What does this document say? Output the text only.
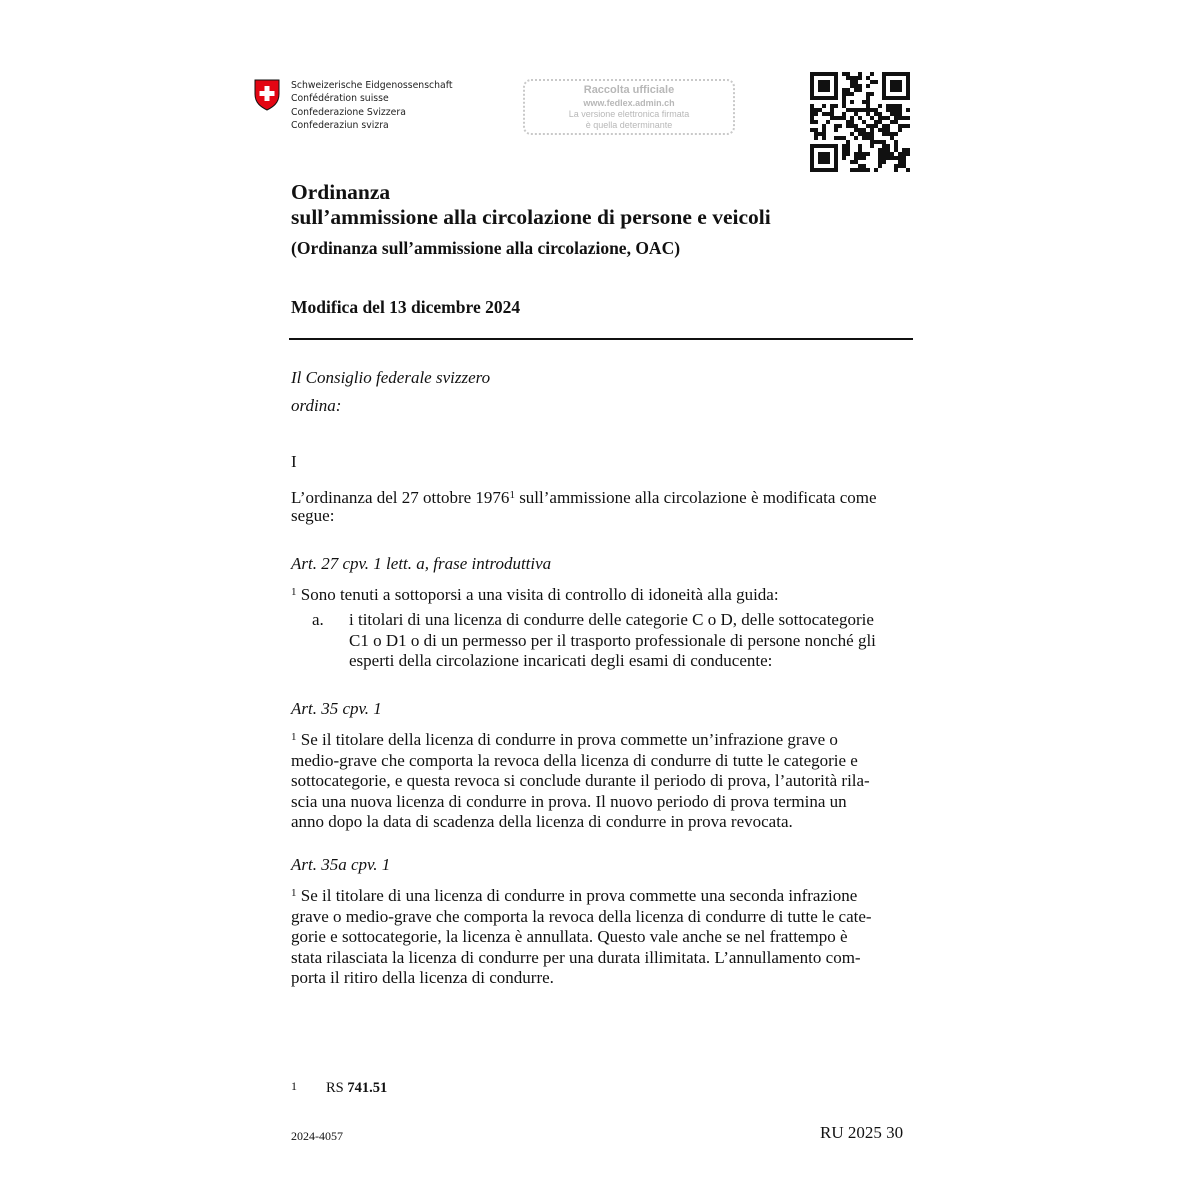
Schweizerische Eidgenossenschaft
Confédération suisse
Confederazione Svizzera
Confederaziun svizra
Raccolta ufficiale
www.fedlex.admin.ch
La versione elettronica firmata
è quella determinante
Ordinanza
sull’ammissione alla circolazione di persone e veicoli
(Ordinanza sull’ammissione alla circolazione, OAC)
Modifica del 13 dicembre 2024
Il Consiglio federale svizzero
ordina:
I
L’ordinanza del 27 ottobre 1976$^1$ sull’ammissione alla circolazione è modificata come
segue:
Art. 27 cpv. 1 lett. a, frase introduttiva
$^1$ Sono tenuti a sottoporsi a una visita di controllo di idoneità alla guida:
a. i titolari di una licenza di condurre delle categorie C o D, delle sottocategorie
C1 o D1 o di un permesso per il trasporto professionale di persone nonché gli
esperti della circolazione incaricati degli esami di conducente:
Art. 35 cpv. 1
$^1$ Se il titolare della licenza di condurre in prova commette un’infrazione grave o
medio-grave che comporta la revoca della licenza di condurre di tutte le categorie e
sottocategorie, e questa revoca si conclude durante il periodo di prova, l’autorità rila-
scia una nuova licenza di condurre in prova. Il nuovo periodo di prova termina un
anno dopo la data di scadenza della licenza di condurre in prova revocata.
Art. 35a cpv. 1
$^1$ Se il titolare di una licenza di condurre in prova commette una seconda infrazione
grave o medio-grave che comporta la revoca della licenza di condurre di tutte le cate-
gorie e sottocategorie, la licenza è annullata. Questo vale anche se nel frattempo è
stata rilasciata la licenza di condurre per una durata illimitata. L’annullamento com-
porta il ritiro della licenza di condurre.
1 RS 741.51
2024-4057	RU 2025 30
